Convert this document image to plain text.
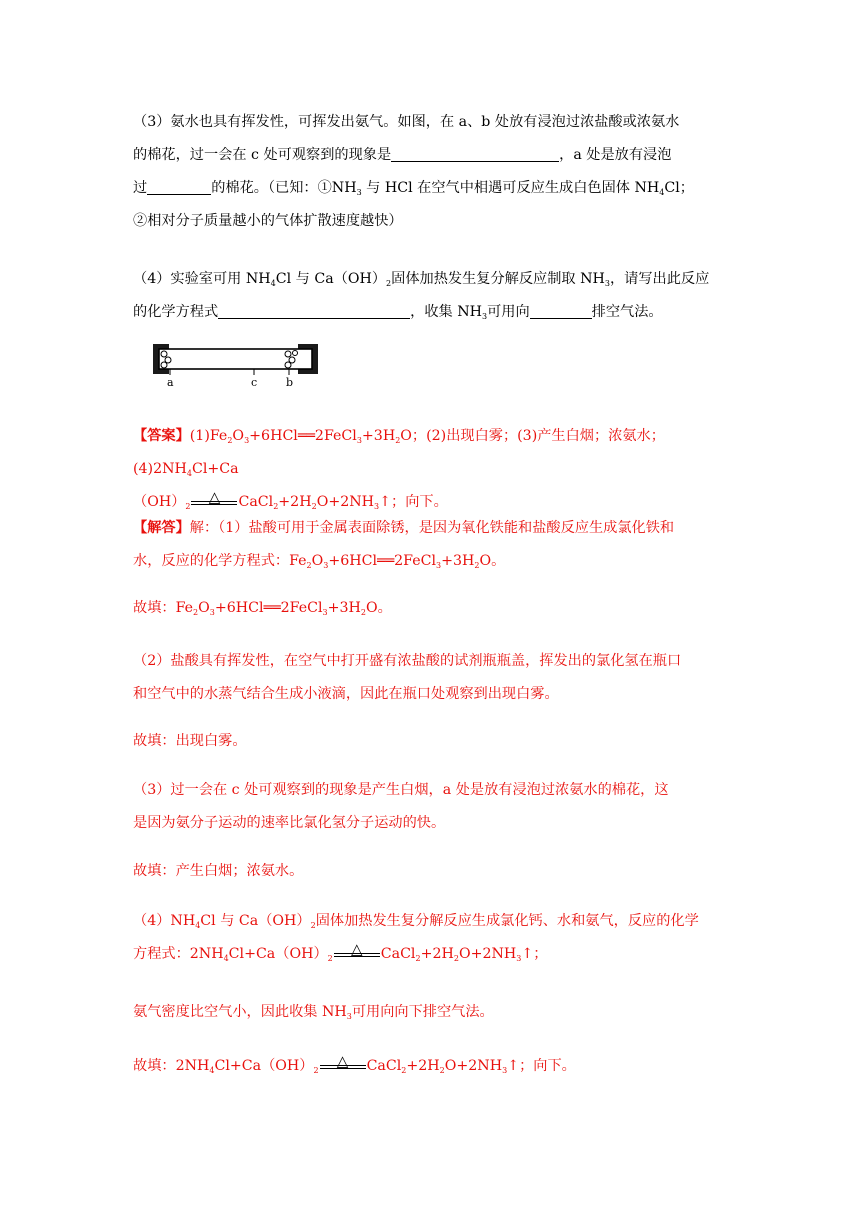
（3）氨水也具有挥发性，可挥发出氨气。如图，在 a、b 处放有浸泡过浓盐酸或浓氨水

的棉花，过一会在 c 处可观察到的现象是	，a 处是放有浸泡

过	的棉花。（已知：$①NH_3$ 与 HCl 在空气中相遇可反应生成白色固体 $NH_4Cl$；

②相对分子质量越小的气体扩散速度越快）

（4）实验室可用 $NH_4Cl$ 与 $Ca(OH)_2$固体加热发生复分解反应制取 $NH_3$，请写出此反应

的化学方程式	，收集 $NH_3$可用向	排空气法。

a	c	b

【答案】$(1)Fe_2O_3+6HCl══2FeCl_3+3H_2O$；(2)出现白雾；(3)产生白烟；浓氨水；$(4)2NH_4Cl+Ca$

$(OH)_2$
△	$CaCl_2+2H_2O+2NH_3↑$；向下。

【解答】解：（1）盐酸可用于金属表面除锈，是因为氧化铁能和盐酸反应生成氯化铁和

水，反应的化学方程式：$Fe_2O_3+6HCl══2FeCl_3+3H_2O$。

故填：$Fe_2O_3+6HCl══2FeCl_3+3H_2O$。

（2）盐酸具有挥发性，在空气中打开盛有浓盐酸的试剂瓶瓶盖，挥发出的氯化氢在瓶口

和空气中的水蒸气结合生成小液滴，因此在瓶口处观察到出现白雾。

故填：出现白雾。

（3）过一会在 c 处可观察到的现象是产生白烟，a 处是放有浸泡过浓氨水的棉花，这

是因为氨分子运动的速率比氯化氢分子运动的快。

故填：产生白烟；浓氨水。

$(4)NH_4Cl$ 与 $Ca(OH)_2$固体加热发生复分解反应生成氯化钙、水和氨气，反应的化学

方程式：$2NH_4Cl+Ca(OH)_2$
△	$CaCl_2+2H_2O+2NH_3↑$；

氨气密度比空气小，因此收集 $NH_3$可用向向下排空气法。

故填：$2NH_4Cl+Ca(OH)_2$
△	$CaCl_2+2H_2O+2NH_3↑$；向下。
